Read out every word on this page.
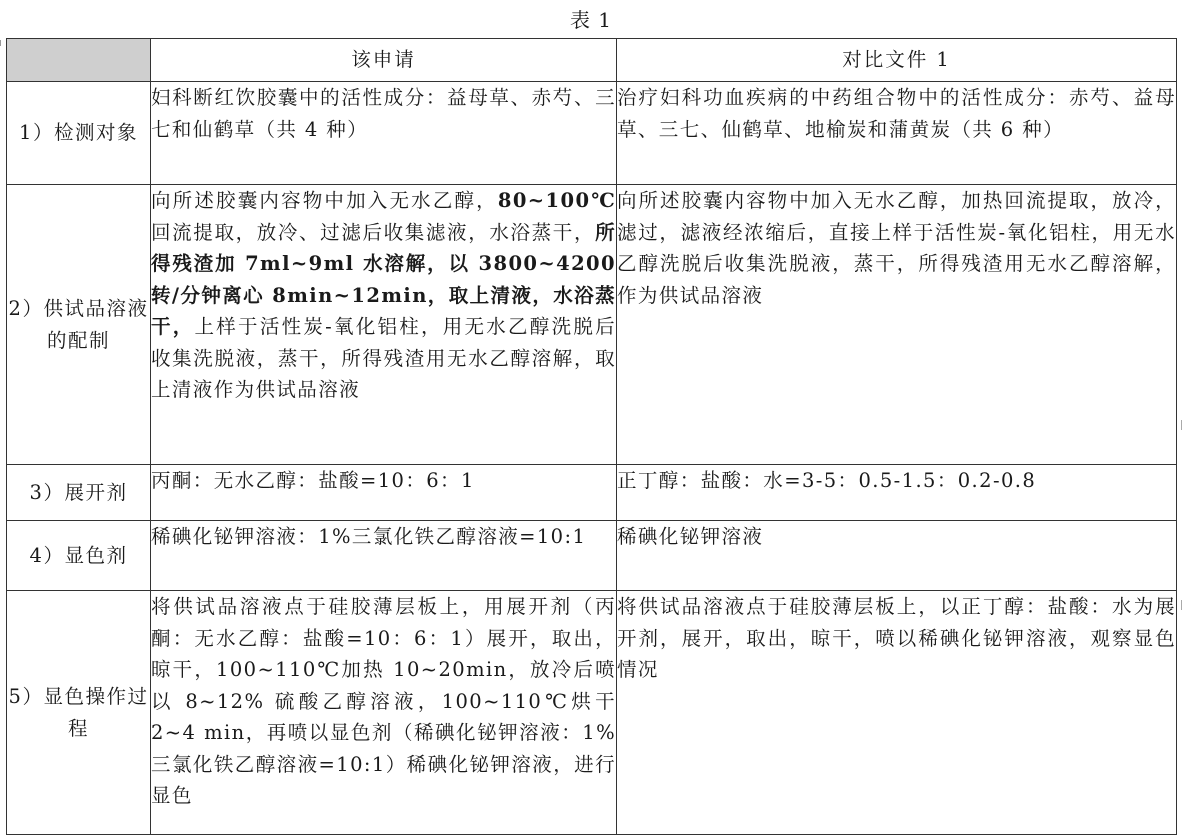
表 1
	该申请	对比文件 1
1）检测对象	妇科断红饮胶囊中的活性成分：益母草、赤芍、三七和仙鹤草（共 4 种）	治疗妇科功血疾病的中药组合物中的活性成分：赤芍、益母草、三七、仙鹤草、地榆炭和蒲黄炭（共 6 种）
2）供试品溶液的配制	向所述胶囊内容物中加入无水乙醇，80~100℃回流提取，放冷、过滤后收集滤液，水浴蒸干，所得残渣加 7ml~9ml 水溶解，以 3800~4200 转/分钟离心 8min~12min，取上清液，水浴蒸干，上样于活性炭-氧化铝柱，用无水乙醇洗脱后收集洗脱液，蒸干，所得残渣用无水乙醇溶解，取上清液作为供试品溶液	向所述胶囊内容物中加入无水乙醇，加热回流提取，放冷，滤过，滤液经浓缩后，直接上样于活性炭-氧化铝柱，用无水乙醇洗脱后收集洗脱液，蒸干，所得残渣用无水乙醇溶解，作为供试品溶液
3）展开剂	丙酮：无水乙醇：盐酸=10：6：1	正丁醇：盐酸：水=3-5：0.5-1.5：0.2-0.8
4）显色剂	稀碘化铋钾溶液：1%三氯化铁乙醇溶液=10:1	稀碘化铋钾溶液
5）显色操作过程	将供试品溶液点于硅胶薄层板上，用展开剂（丙酮：无水乙醇：盐酸=10：6：1）展开，取出，晾干，100~110℃加热 10~20min，放冷后喷以 8~12% 硫酸乙醇溶液，100~110℃烘干 2~4 min，再喷以显色剂（稀碘化铋钾溶液：1%三氯化铁乙醇溶液=10:1）稀碘化铋钾溶液，进行显色	将供试品溶液点于硅胶薄层板上，以正丁醇：盐酸：水为展开剂，展开，取出，晾干，喷以稀碘化铋钾溶液，观察显色情况
